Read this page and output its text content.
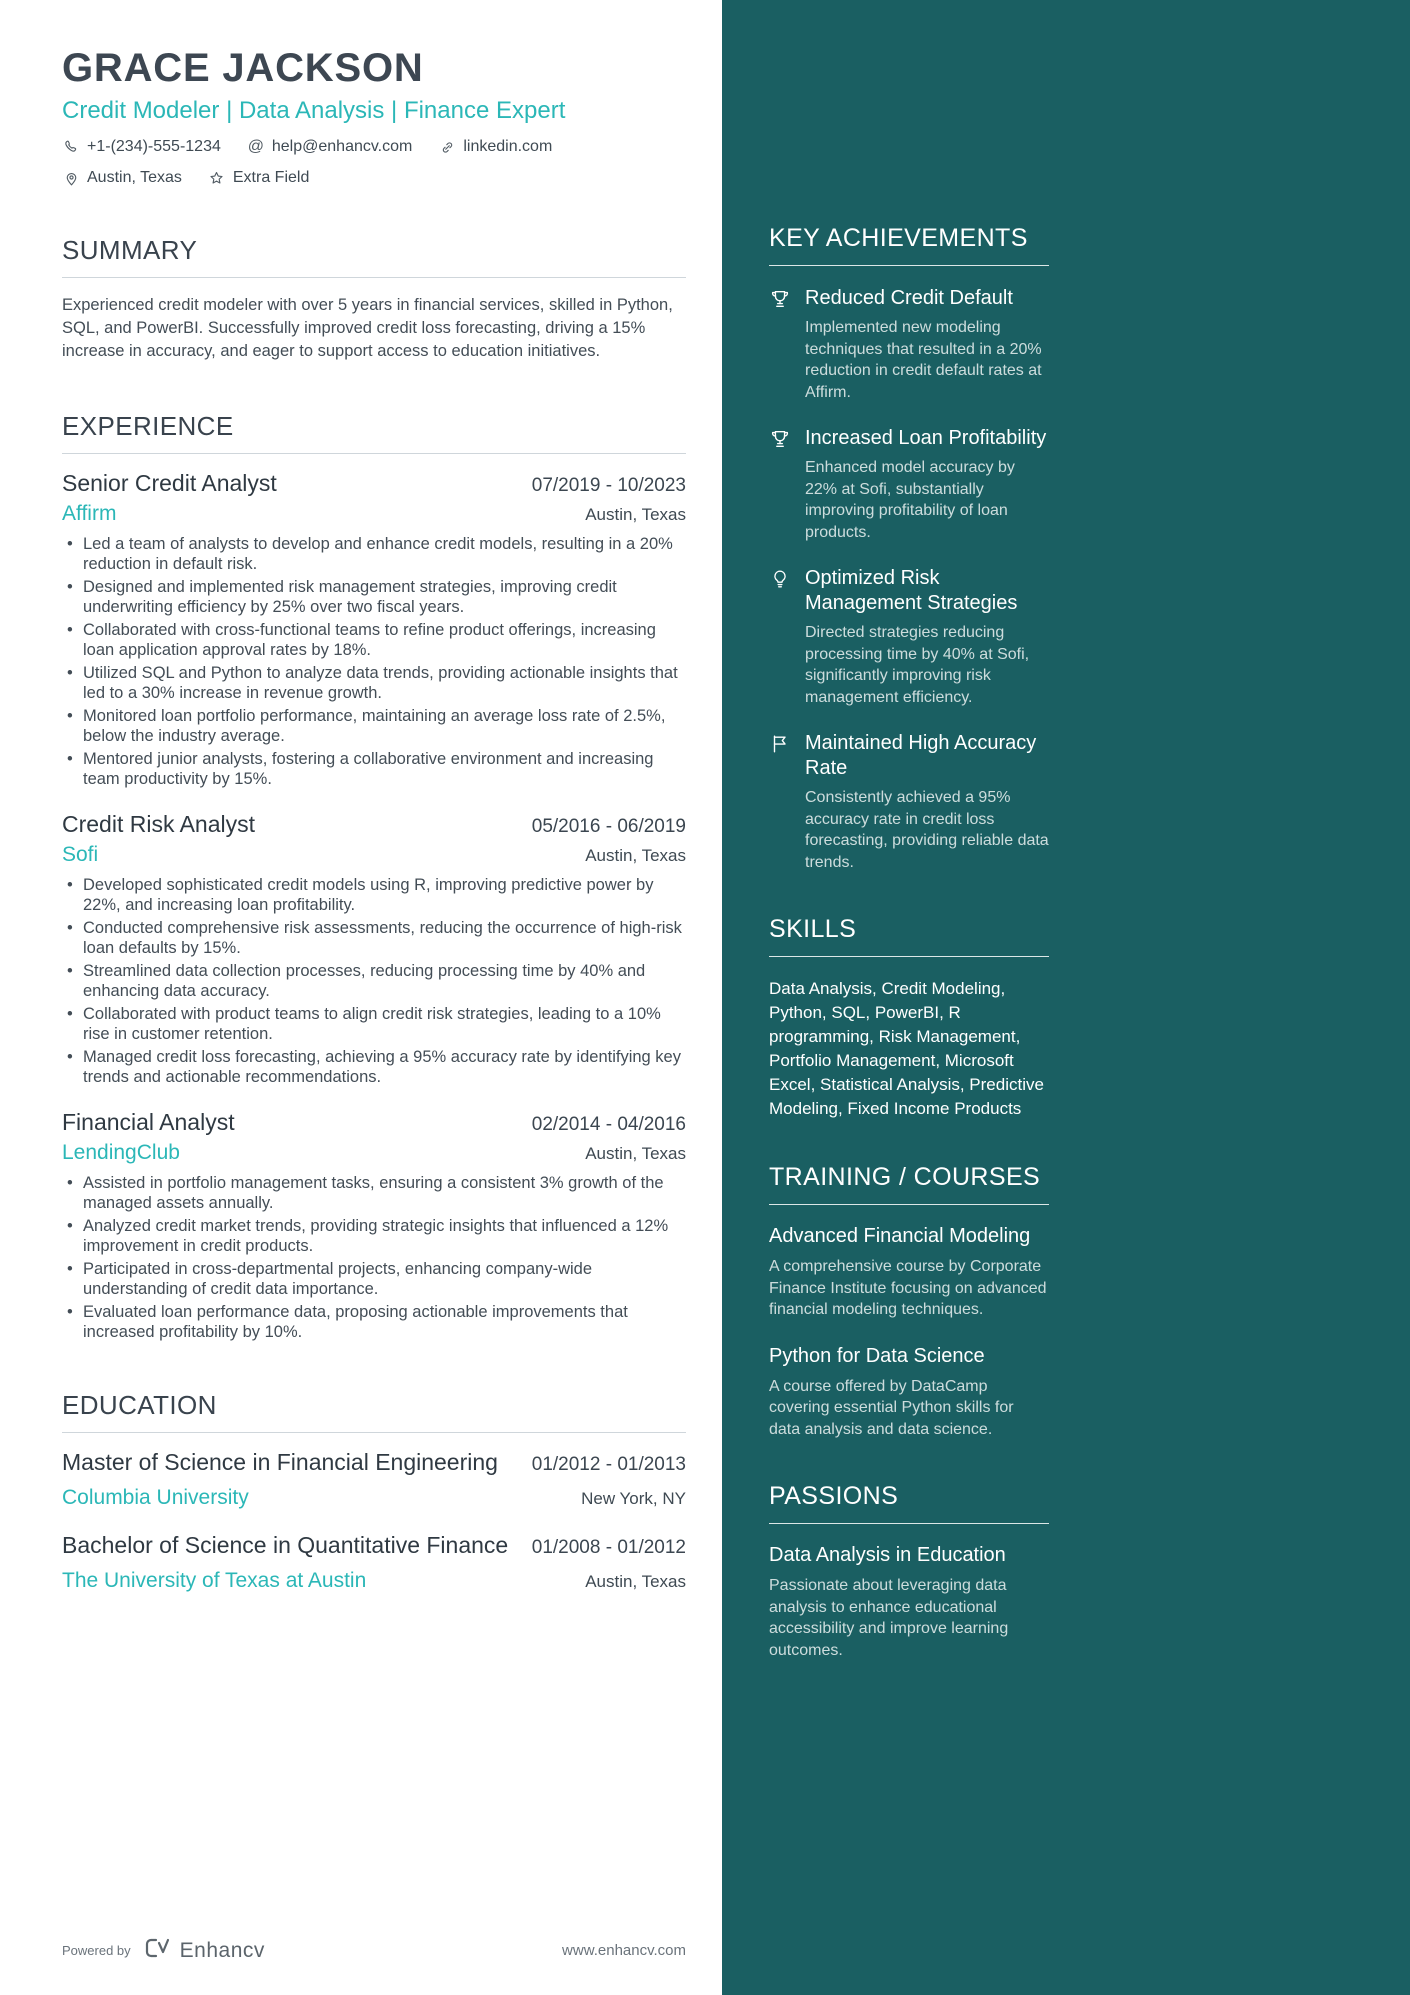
KEY ACHIEVEMENTS
Reduced Credit Default
Implemented new modeling techniques that resulted in a 20% reduction in credit default rates at Affirm.
Increased Loan Profitability
Enhanced model accuracy by 22% at Sofi, substantially improving profitability of loan products.
Optimized Risk Management Strategies
Directed strategies reducing processing time by 40% at Sofi, significantly improving risk management efficiency.
Maintained High Accuracy Rate
Consistently achieved a 95% accuracy rate in credit loss forecasting, providing reliable data trends.
SKILLS
Data Analysis, Credit Modeling, Python, SQL, PowerBI, R programming, Risk Management, Portfolio Management, Microsoft Excel, Statistical Analysis, Predictive Modeling, Fixed Income Products
TRAINING / COURSES
Advanced Financial Modeling
A comprehensive course by Corporate Finance Institute focusing on advanced financial modeling techniques.
Python for Data Science
A course offered by DataCamp covering essential Python skills for data analysis and data science.
PASSIONS
Data Analysis in Education
Passionate about leveraging data analysis to enhance educational accessibility and improve learning outcomes.
GRACE JACKSON
Credit Modeler | Data Analysis | Finance Expert
+1-(234)-555-1234 @	help@enhancv.com	linkedin.com
Austin, Texas	Extra Field
SUMMARY
Experienced credit modeler with over 5 years in financial services, skilled in Python, SQL, and PowerBI. Successfully improved credit loss forecasting, driving a 15% increase in accuracy, and eager to support access to education initiatives.
EXPERIENCE
Senior Credit Analyst	07/2019 - 10/2023
Affirm	Austin, Texas
• Led a team of analysts to develop and enhance credit models, resulting in a 20% reduction in default risk.
• Designed and implemented risk management strategies, improving credit underwriting efficiency by 25% over two fiscal years.
• Collaborated with cross-functional teams to refine product offerings, increasing loan application approval rates by 18%.
• Utilized SQL and Python to analyze data trends, providing actionable insights that led to a 30% increase in revenue growth.
• Monitored loan portfolio performance, maintaining an average loss rate of 2.5%, below the industry average.
• Mentored junior analysts, fostering a collaborative environment and increasing team productivity by 15%.
Credit Risk Analyst	05/2016 - 06/2019
Sofi	Austin, Texas
• Developed sophisticated credit models using R, improving predictive power by 22%, and increasing loan profitability.
• Conducted comprehensive risk assessments, reducing the occurrence of high-risk loan defaults by 15%.
• Streamlined data collection processes, reducing processing time by 40% and enhancing data accuracy.
• Collaborated with product teams to align credit risk strategies, leading to a 10% rise in customer retention.
• Managed credit loss forecasting, achieving a 95% accuracy rate by identifying key trends and actionable recommendations.
Financial Analyst	02/2014 - 04/2016
LendingClub	Austin, Texas
• Assisted in portfolio management tasks, ensuring a consistent 3% growth of the managed assets annually.
• Analyzed credit market trends, providing strategic insights that influenced a 12% improvement in credit products.
• Participated in cross-departmental projects, enhancing company-wide understanding of credit data importance.
• Evaluated loan performance data, proposing actionable improvements that increased profitability by 10%.
EDUCATION
Master of Science in Financial Engineering 01/2012 - 01/2013
Columbia University	New York, NY
Bachelor of Science in Quantitative Finance 01/2008 - 01/2012
The University of Texas at Austin	Austin, Texas
Powered by Enhancv	www.enhancv.com
